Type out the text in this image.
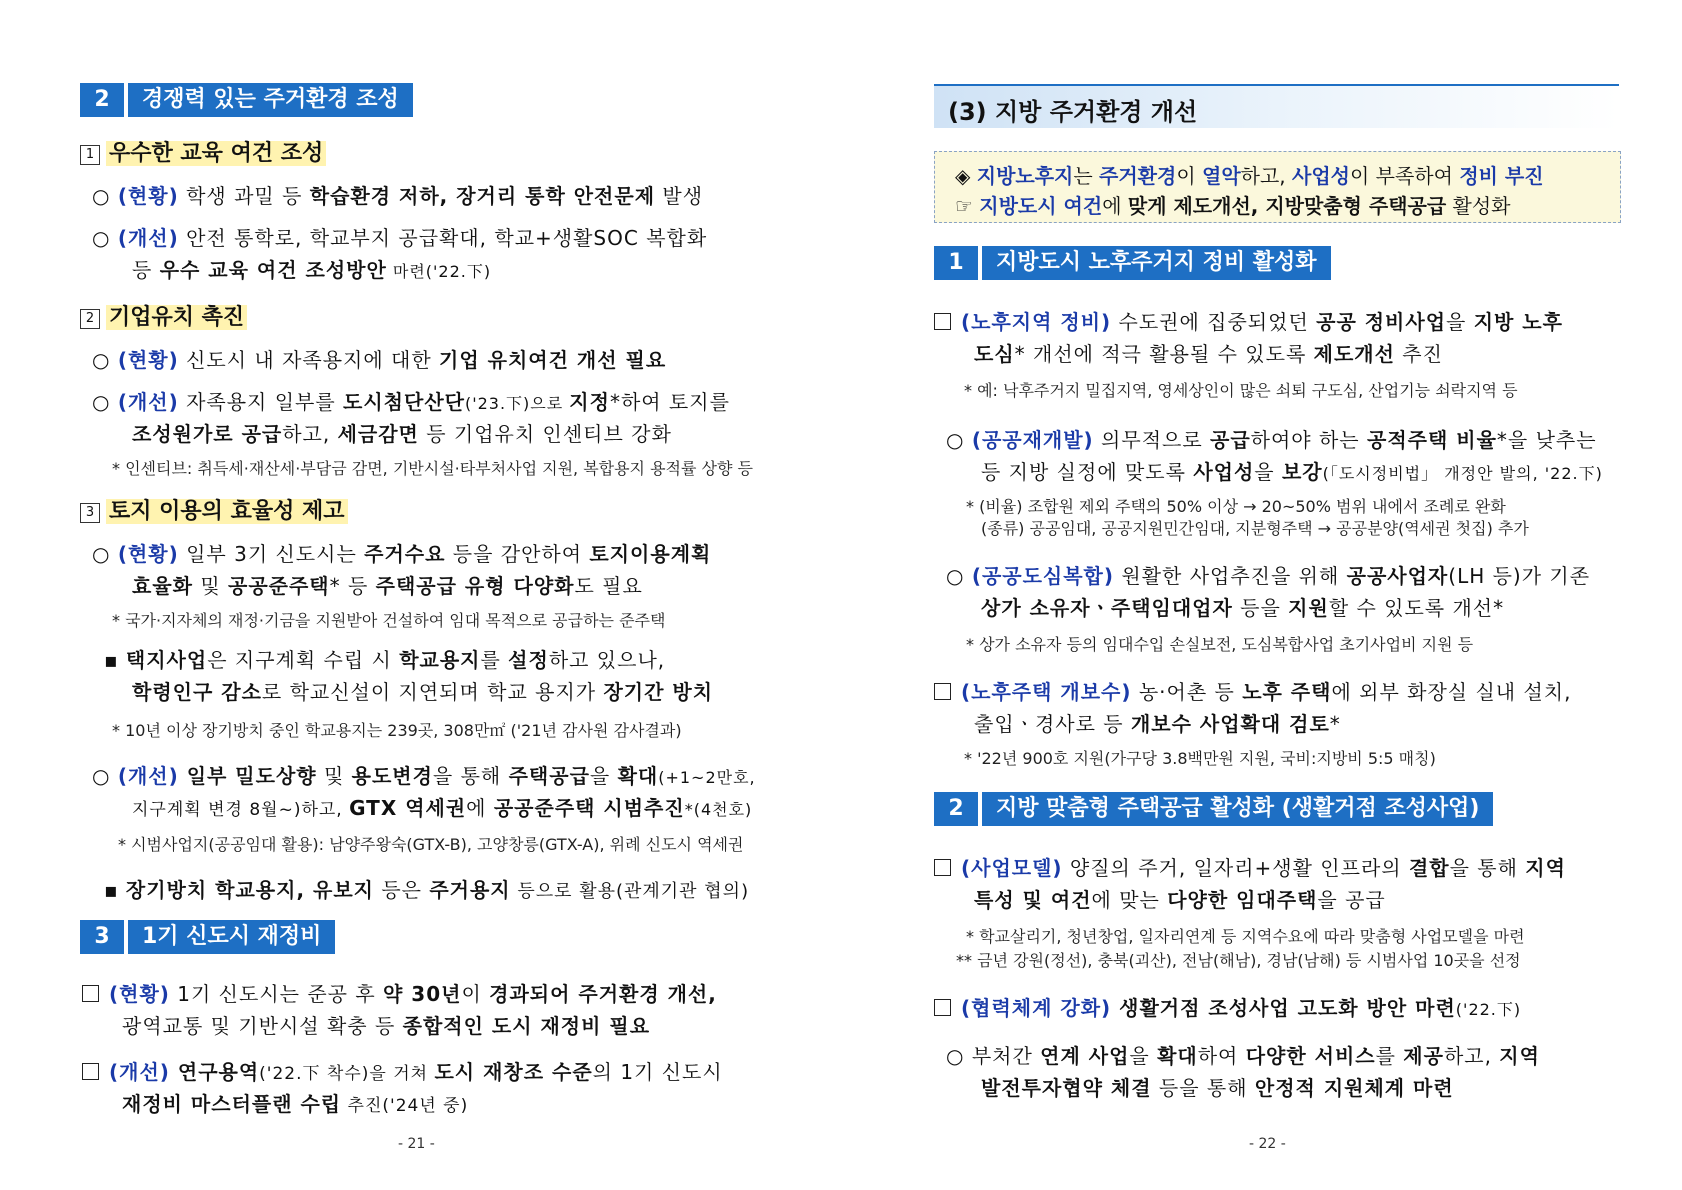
2	경쟁력 있는 주거환경 조성
1 우수한 교육 여건 조성
○ (현황) 학생 과밀 등 학습환경 저하, 장거리 통학 안전문제 발생
○ (개선) 안전 통학로, 학교부지 공급확대, 학교+생활SOC 복합화
등 우수 교육 여건 조성방안 마련('22.下)
2 기업유치 촉진
○ (현황) 신도시 내 자족용지에 대한 기업 유치여건 개선 필요
○ (개선) 자족용지 일부를 도시첨단산단('23.下)으로 지정*하여 토지를
조성원가로 공급하고, 세금감면 등 기업유치 인센티브 강화
* 인센티브: 취득세·재산세·부담금 감면, 기반시설·타부처사업 지원, 복합용지 용적률 상향 등
3 토지 이용의 효율성 제고
○ (현황) 일부 3기 신도시는 주거수요 등을 감안하여 토지이용계획
효율화 및 공공준주택* 등 주택공급 유형 다양화도 필요
* 국가·지자체의 재정·기금을 지원받아 건설하여 임대 목적으로 공급하는 준주택
▪ 택지사업은 지구계획 수립 시 학교용지를 설정하고 있으나,
학령인구 감소로 학교신설이 지연되며 학교 용지가 장기간 방치
* 10년 이상 장기방치 중인 학교용지는 239곳, 308만㎡ ('21년 감사원 감사결과)
○ (개선) 일부 밀도상향 및 용도변경을 통해 주택공급을 확대(+1~2만호,
지구계획 변경 8월~)하고, GTX 역세권에 공공준주택 시범추진*(4천호)
* 시범사업지(공공임대 활용): 남양주왕숙(GTX-B), 고양창릉(GTX-A), 위례 신도시 역세권
▪ 장기방치 학교용지, 유보지 등은 주거용지 등으로 활용(관계기관 협의)
3	1기 신도시 재정비
(현황) 1기 신도시는 준공 후 약 30년이 경과되어 주거환경 개선,
광역교통 및 기반시설 확충 등 종합적인 도시 재정비 필요
(개선) 연구용역('22.下 착수)을 거쳐 도시 재창조 수준의 1기 신도시
재정비 마스터플랜 수립 추진('24년 중)
- 21 -
(3) 지방 주거환경 개선
◈ 지방노후지는 주거환경이 열악하고, 사업성이 부족하여 정비 부진
☞ 지방도시 여건에 맞게 제도개선, 지방맞춤형 주택공급 활성화
1	지방도시 노후주거지 정비 활성화
(노후지역 정비) 수도권에 집중되었던 공공 정비사업을 지방 노후
도심* 개선에 적극 활용될 수 있도록 제도개선 추진
* 예: 낙후주거지 밀집지역, 영세상인이 많은 쇠퇴 구도심, 산업기능 쇠락지역 등
○ (공공재개발) 의무적으로 공급하여야 하는 공적주택 비율*을 낮추는
등 지방 실정에 맞도록 사업성을 보강(「도시정비법」 개정안 발의, '22.下)
* (비율) 조합원 제외 주택의 50% 이상 → 20~50% 범위 내에서 조례로 완화
(종류) 공공임대, 공공지원민간임대, 지분형주택 → 공공분양(역세권 첫집) 추가
○ (공공도심복합) 원활한 사업추진을 위해 공공사업자(LH 등)가 기존
상가 소유자ㆍ주택임대업자 등을 지원할 수 있도록 개선*
* 상가 소유자 등의 임대수입 손실보전, 도심복합사업 초기사업비 지원 등
(노후주택 개보수) 농·어촌 등 노후 주택에 외부 화장실 실내 설치,
출입ㆍ경사로 등 개보수 사업확대 검토*
* '22년 900호 지원(가구당 3.8백만원 지원, 국비:지방비 5:5 매칭)
2	지방 맞춤형 주택공급 활성화 (생활거점 조성사업)
(사업모델) 양질의 주거, 일자리+생활 인프라의 결합을 통해 지역
특성 및 여건에 맞는 다양한 임대주택을 공급
* 학교살리기, 청년창업, 일자리연계 등 지역수요에 따라 맞춤형 사업모델을 마련
** 금년 강원(정선), 충북(괴산), 전남(해남), 경남(남해) 등 시범사업 10곳을 선정
(협력체계 강화) 생활거점 조성사업 고도화 방안 마련('22.下)
○ 부처간 연계 사업을 확대하여 다양한 서비스를 제공하고, 지역
발전투자협약 체결 등을 통해 안정적 지원체계 마련
- 22 -
